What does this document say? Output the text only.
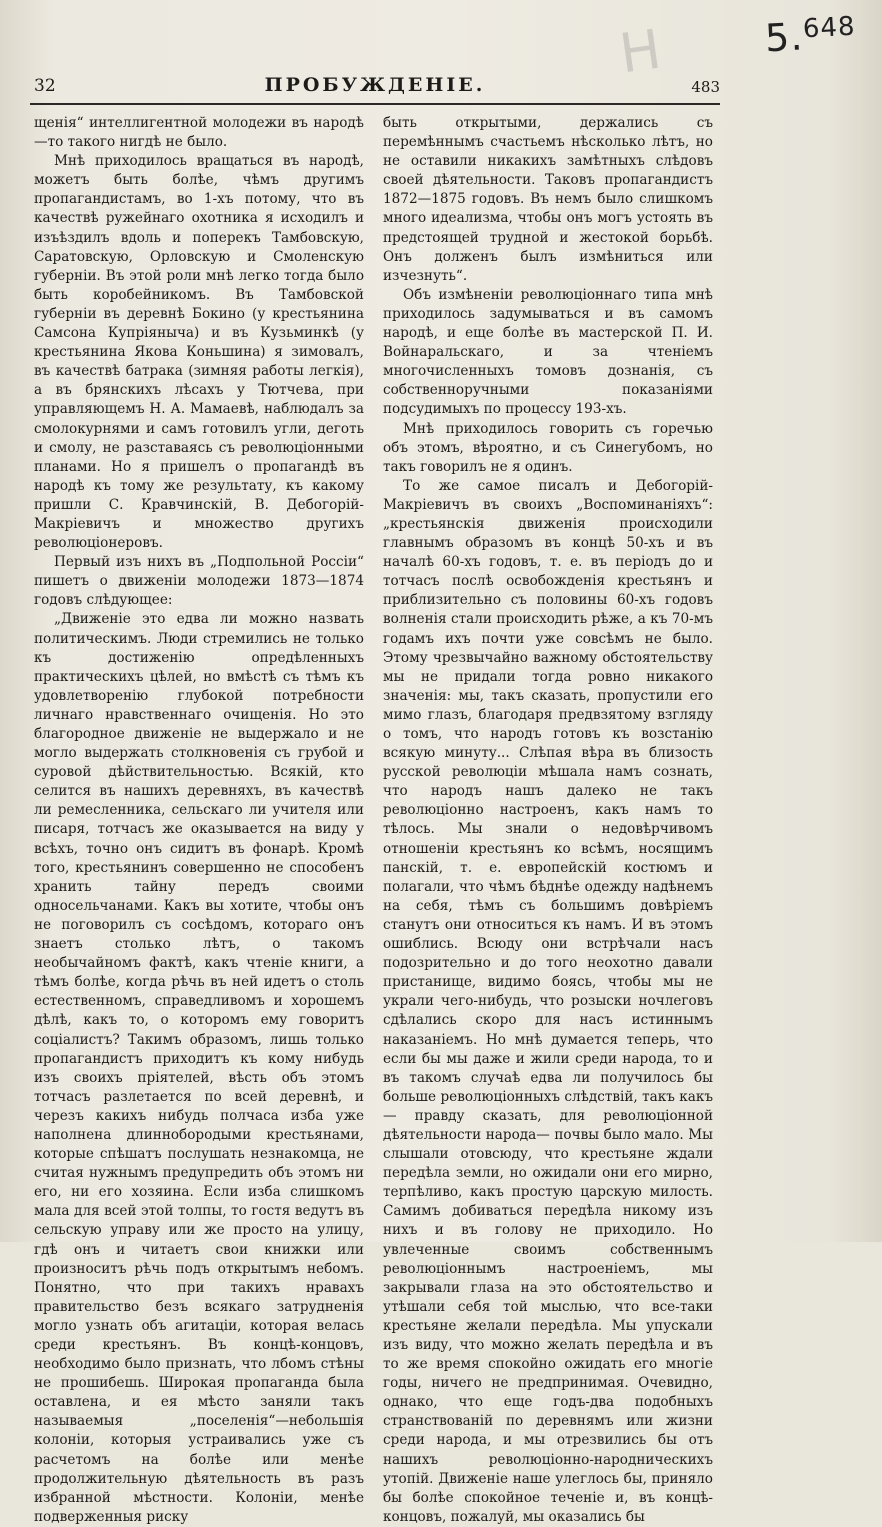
Н	5.$^{648}$
32	ПРОБУЖДЕНІЕ.	483

щенія“ интеллигентной молодежи въ народѣ—то такого нигдѣ не было.

Мнѣ приходилось вращаться въ народѣ, можетъ быть болѣе, чѣмъ другимъ пропагандистамъ, во 1-хъ потому, что въ качествѣ ружейнаго охотника я исходилъ и изъѣздилъ вдоль и поперекъ Тамбовскую, Саратовскую, Орловскую и Смоленскую губерніи. Въ этой роли мнѣ легко тогда было быть коробейникомъ. Въ Тамбовской губерніи въ деревнѣ Бокино (у крестьянина Самсона Купріяныча) и въ Кузьминкѣ (у крестьянина Якова Коньшина) я зимовалъ, въ качествѣ батрака (зимняя работы легкія), а въ брянскихъ лѣсахъ у Тютчева, при управляющемъ Н. А. Мамаевѣ, наблюдалъ за смолокурнями и самъ готовилъ угли, деготь и смолу, не разставаясь съ революціонными планами. Но я пришелъ о пропагандѣ въ народѣ къ тому же результату, къ какому пришли С. Кравчинскій, В. Дебогорій-Макріевичъ и множество другихъ революціонеровъ.

Первый изъ нихъ въ „Подпольной Россіи“ пишетъ о движеніи молодежи 1873—1874 годовъ слѣдующее:

„Движеніе это едва ли можно назвать политическимъ. Люди стремились не только къ достиженію опредѣленныхъ практическихъ цѣлей, но вмѣстѣ съ тѣмъ къ удовлетворенію глубокой потребности личнаго нравственнаго очищенія. Но это благородное движеніе не выдержало и не могло выдержать столкновенія съ грубой и суровой дѣйствительностью. Всякій, кто селится въ нашихъ деревняхъ, въ качествѣ ли ремесленника, сельскаго ли учителя или писаря, тотчасъ же оказывается на виду у всѣхъ, точно онъ сидитъ въ фонарѣ. Кромѣ того, крестьянинъ совершенно не способенъ хранить тайну передъ своими односельчанами. Какъ вы хотите, чтобы онъ не поговорилъ съ сосѣдомъ, котораго онъ знаетъ столько лѣтъ, о такомъ необычайномъ фактѣ, какъ чтеніе книги, а тѣмъ болѣе, когда рѣчь въ ней идетъ о столь естественномъ, справедливомъ и хорошемъ дѣлѣ, какъ то, о которомъ ему говоритъ соціалистъ? Такимъ образомъ, лишь только пропагандистъ приходитъ къ кому нибудь изъ своихъ пріятелей, вѣсть объ этомъ тотчасъ разлетается по всей деревнѣ, и черезъ какихъ нибудь полчаса изба уже наполнена длиннобородыми крестьянами, которые спѣшатъ послушать незнакомца, не считая нужнымъ предупредить объ этомъ ни его, ни его хозяина. Если изба слишкомъ мала для всей этой толпы, то гостя ведутъ въ сельскую управу или же просто на улицу, гдѣ онъ и читаетъ свои книжки или произноситъ рѣчь подъ открытымъ небомъ. Понятно, что при такихъ нравахъ правительство безъ всякаго затрудненія могло узнать объ агитаціи, которая велась среди крестьянъ. Въ концѣ-концовъ, необходимо было признать, что лбомъ стѣны не прошибешь. Широкая пропаганда была оставлена, и ея мѣсто заняли такъ называемыя „поселенія“—небольшія колоніи, которыя устраивались уже съ расчетомъ на болѣе или менѣе продолжительную дѣятельность въ разъ избранной мѣстности. Колоніи, менѣе подверженныя риску

быть открытыми, держались съ перемѣннымъ счастьемъ нѣсколько лѣтъ, но не оставили никакихъ замѣтныхъ слѣдовъ своей дѣятельности. Таковъ пропагандистъ 1872—1875 годовъ. Въ немъ было слишкомъ много идеализма, чтобы онъ могъ устоять въ предстоящей трудной и жестокой борьбѣ. Онъ долженъ былъ измѣниться или изчезнуть“.

Объ измѣненіи революціоннаго типа мнѣ приходилось задумываться и въ самомъ народѣ, и еще болѣе въ мастерской П. И. Войнаральскаго, и за чтеніемъ многочисленныхъ томовъ дознанія, съ собственноручными показаніями подсудимыхъ по процессу 193-хъ.

Мнѣ приходилось говорить съ горечью объ этомъ, вѣроятно, и съ Синегубомъ, но такъ говорилъ не я одинъ.

То же самое писалъ и Дебогорій-Макріевичъ въ своихъ „Воспоминаніяхъ“: „крестьянскія движенія происходили главнымъ образомъ въ концѣ 50-хъ и въ началѣ 60-хъ годовъ, т. е. въ періодъ до и тотчасъ послѣ освобожденія крестьянъ и приблизительно съ половины 60-хъ годовъ волненія стали происходить рѣже, а къ 70-мъ годамъ ихъ почти уже совсѣмъ не было. Этому чрезвычайно важному обстоятельству мы не придали тогда ровно никакого значенія: мы, такъ сказать, пропустили его мимо глазъ, благодаря предвзятому взгляду о томъ, что народъ готовъ къ возстанію всякую минуту... Слѣпая вѣра въ близость русской революціи мѣшала намъ сознать, что народъ нашъ далеко не такъ революціонно настроенъ, какъ намъ то тѣлось. Мы знали о недовѣрчивомъ отношеніи крестьянъ ко всѣмъ, носящимъ панскій, т. е. европейскій костюмъ и полагали, что чѣмъ бѣднѣе одежду надѣнемъ на себя, тѣмъ съ большимъ довѣріемъ станутъ они относиться къ намъ. И въ этомъ ошиблись. Всюду они встрѣчали насъ подозрительно и до того неохотно давали пристанище, видимо боясь, чтобы мы не украли чего-нибудь, что розыски ночлеговъ сдѣлались скоро для насъ истиннымъ наказаніемъ. Но мнѣ думается теперь, что если бы мы даже и жили среди народа, то и въ такомъ случаѣ едва ли получилось бы больше революціонныхъ слѣдствій, такъ какъ — правду сказать, для революціонной дѣятельности народа— почвы было мало. Мы слышали отовсюду, что крестьяне ждали передѣла земли, но ожидали они его мирно, терпѣливо, какъ простую царскую милость. Самимъ добиваться передѣла никому изъ нихъ и въ голову не приходило. Но увлеченные своимъ собственнымъ революціоннымъ настроеніемъ, мы закрывали глаза на это обстоятельство и утѣшали себя той мыслью, что все-таки крестьяне желали передѣла. Мы упускали изъ виду, что можно желать передѣла и въ то же время спокойно ожидать его многіе годы, ничего не предпринимая. Очевидно, однако, что еще годъ-два подобныхъ странствованій по деревнямъ или жизни среди народа, и мы отрезвились бы отъ нашихъ революціонно-народническихъ утопій. Движеніе наше улеглось бы, приняло бы болѣе спокойное теченіе и, въ концѣ-концовъ, пожалуй, мы оказались бы
